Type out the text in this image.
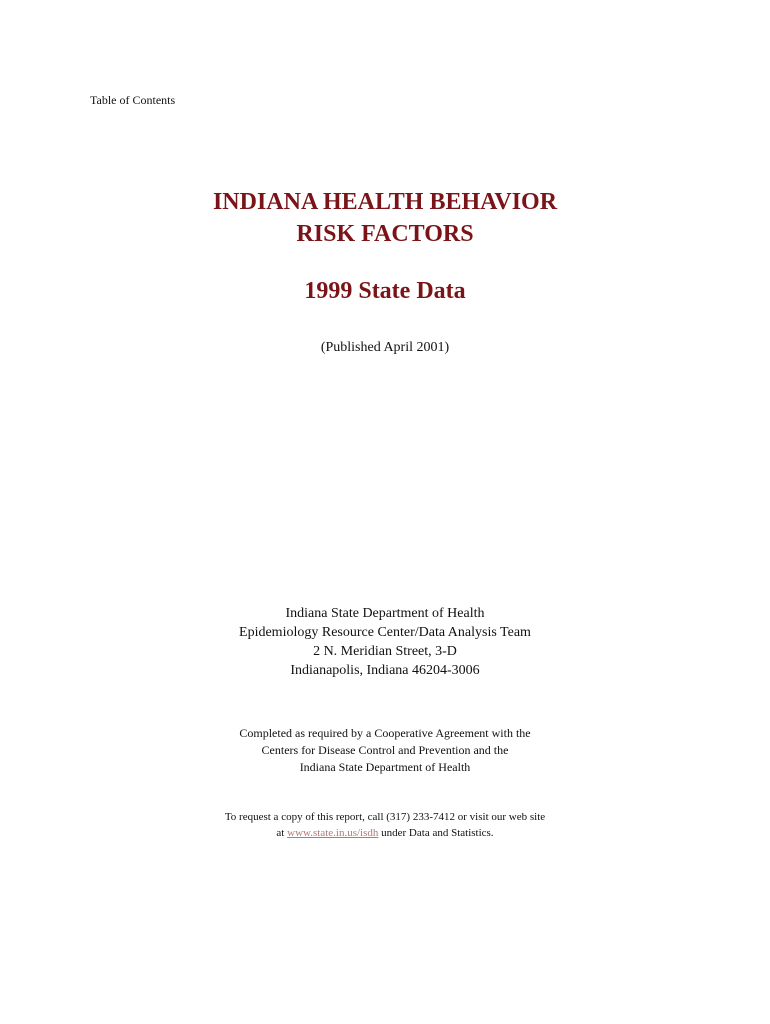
Table of Contents
INDIANA HEALTH BEHAVIOR
RISK FACTORS
1999 State Data
(Published April 2001)
Indiana State Department of Health
Epidemiology Resource Center/Data Analysis Team
2 N. Meridian Street, 3-D
Indianapolis, Indiana 46204-3006
Completed as required by a Cooperative Agreement with the
Centers for Disease Control and Prevention and the
Indiana State Department of Health
To request a copy of this report, call (317) 233-7412 or visit our web site
at www.state.in.us/isdh under Data and Statistics.
